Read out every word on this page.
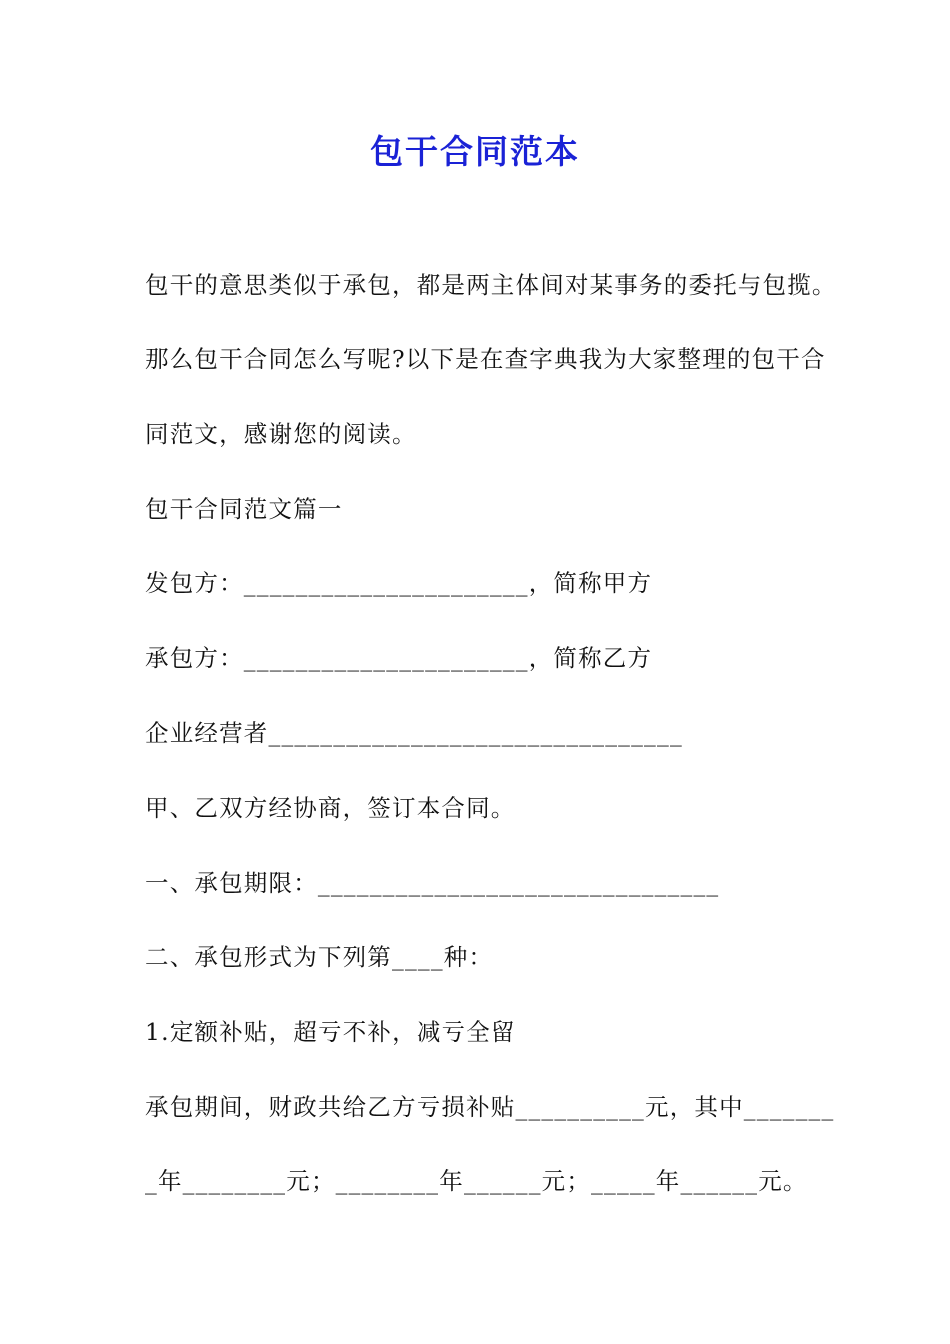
包干合同范本
包干的意思类似于承包，都是两主体间对某事务的委托与包揽。
那么包干合同怎么写呢?以下是在查字典我为大家整理的包干合
同范文，感谢您的阅读。
包干合同范文篇一
发包方：______________________，简称甲方
承包方：______________________，简称乙方
企业经营者________________________________
甲、乙双方经协商，签订本合同。
一、承包期限：_______________________________
二、承包形式为下列第____种：
1.定额补贴，超亏不补，减亏全留
承包期间，财政共给乙方亏损补贴__________元，其中_______
_年________元；________年______元；_____年______元。
